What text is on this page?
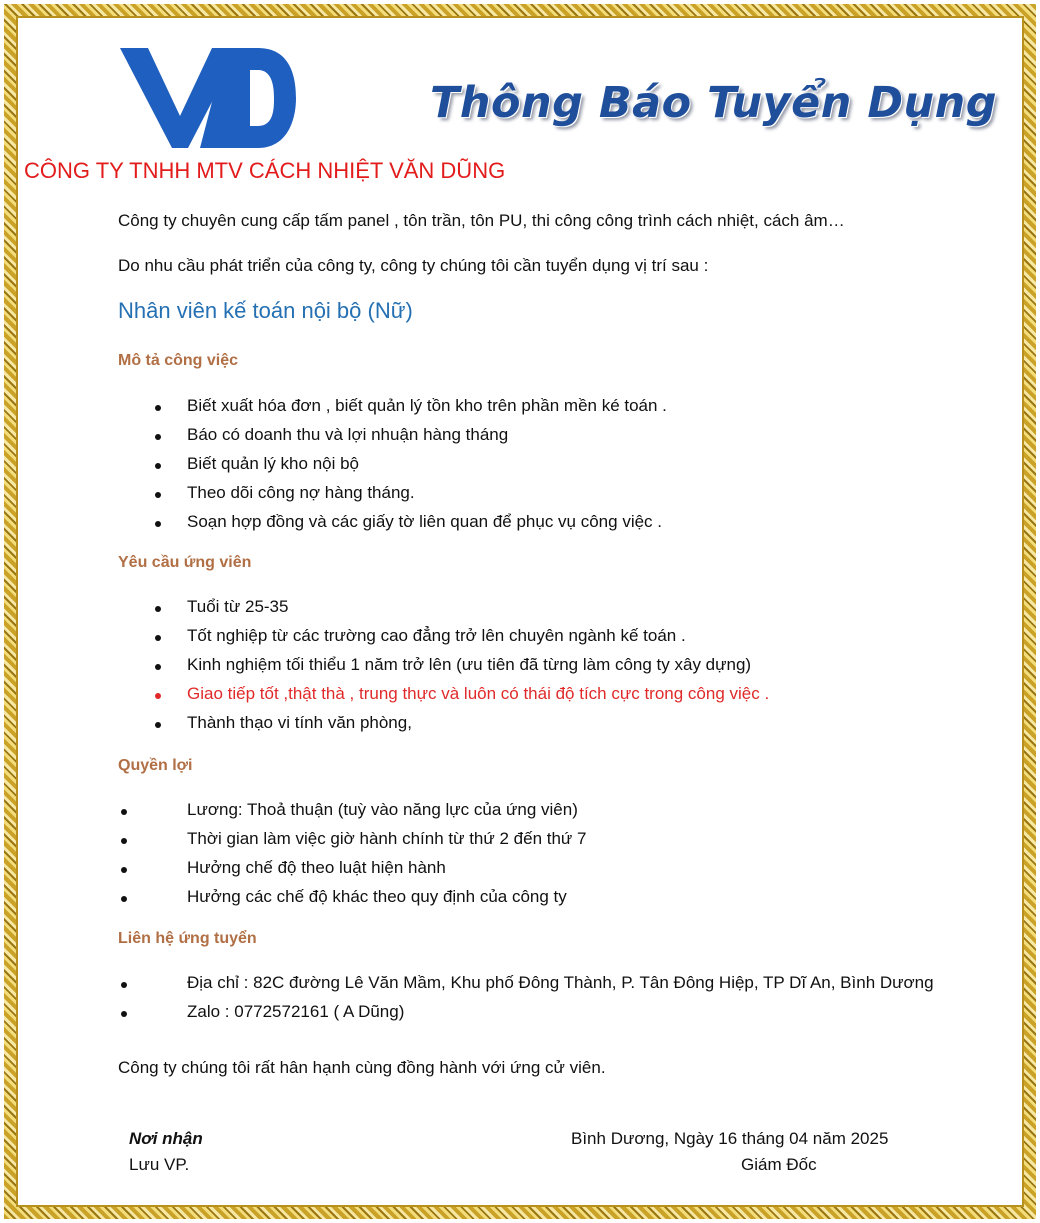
Thông Báo Tuyển Dụng
CÔNG TY TNHH MTV CÁCH NHIỆT VĂN DŨNG
Công ty chuyên cung cấp tấm panel , tôn trần, tôn PU, thi công công trình cách nhiệt, cách âm…
Do nhu cầu phát triển của công ty, công ty chúng tôi cần tuyển dụng vị trí sau :
Nhân viên kế toán nội bộ (Nữ)
Mô tả công việc
Biết xuất hóa đơn , biết quản lý tồn kho trên phần mền ké toán .
Báo có doanh thu và lợi nhuận hàng tháng
Biết quản lý kho nội bộ
Theo dõi công nợ hàng tháng.
Soạn hợp đồng và các giấy tờ liên quan để phục vụ công việc .
Yêu cầu ứng viên
Tuổi từ 25-35
Tốt nghiệp từ các trường cao đẳng trở lên chuyên ngành kế toán .
Kinh nghiệm tối thiểu 1 năm trở lên (ưu tiên đã từng làm công ty xây dựng)
Giao tiếp tốt ,thật thà , trung thực và luôn có thái độ tích cực trong công việc .
Thành thạo vi tính văn phòng,
Quyền lợi
Lương: Thoả thuận (tuỳ vào năng lực của ứng viên)
Thời gian làm việc giờ hành chính từ thứ 2 đến thứ 7
Hưởng chế độ theo luật hiện hành
Hưởng các chế độ khác theo quy định của công ty
Liên hệ ứng tuyển
Địa chỉ : 82C đường Lê Văn Mầm, Khu phố Đông Thành, P. Tân Đông Hiệp, TP Dĩ An, Bình Dương
Zalo : 0772572161 ( A Dũng)
Công ty chúng tôi rất hân hạnh cùng đồng hành với ứng cử viên.
Nơi nhận
Lưu VP.
Bình Dương, Ngày 16 tháng 04 năm 2025
Giám Đốc
